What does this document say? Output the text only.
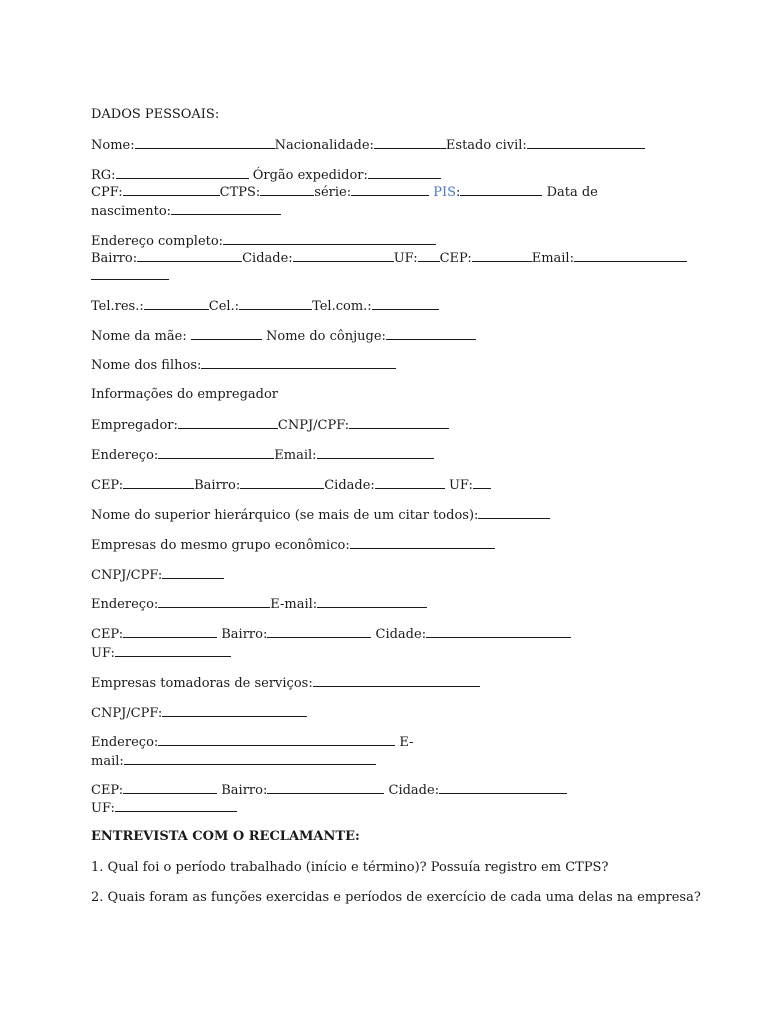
DADOS PESSOAIS:
Nome:	Nacionalidade:	Estado civil:
RG:	Órgão expedidor:
CPF:	CTPS:	série:	PIS:	Data de
nascimento:
Endereço completo:
Bairro:	Cidade:	UF: CEP:	Email:
Tel.res.:	Cel.:	Tel.com.:
Nome da mãe:	Nome do cônjuge:
Nome dos filhos:
Informações do empregador
Empregador:	CNPJ/CPF:
Endereço:	Email:
CEP:	Bairro:	Cidade:	UF:
Nome do superior hierárquico (se mais de um citar todos):
Empresas do mesmo grupo econômico:
CNPJ/CPF:
Endereço:	E-mail:
CEP:	Bairro:	Cidade:
UF:
Empresas tomadoras de serviços:
CNPJ/CPF:
Endereço:	E-
mail:
CEP:	Bairro:	Cidade:
UF:
ENTREVISTA COM O RECLAMANTE:
1. Qual foi o período trabalhado (início e término)? Possuía registro em CTPS?
2. Quais foram as funções exercidas e períodos de exercício de cada uma delas na empresa?
